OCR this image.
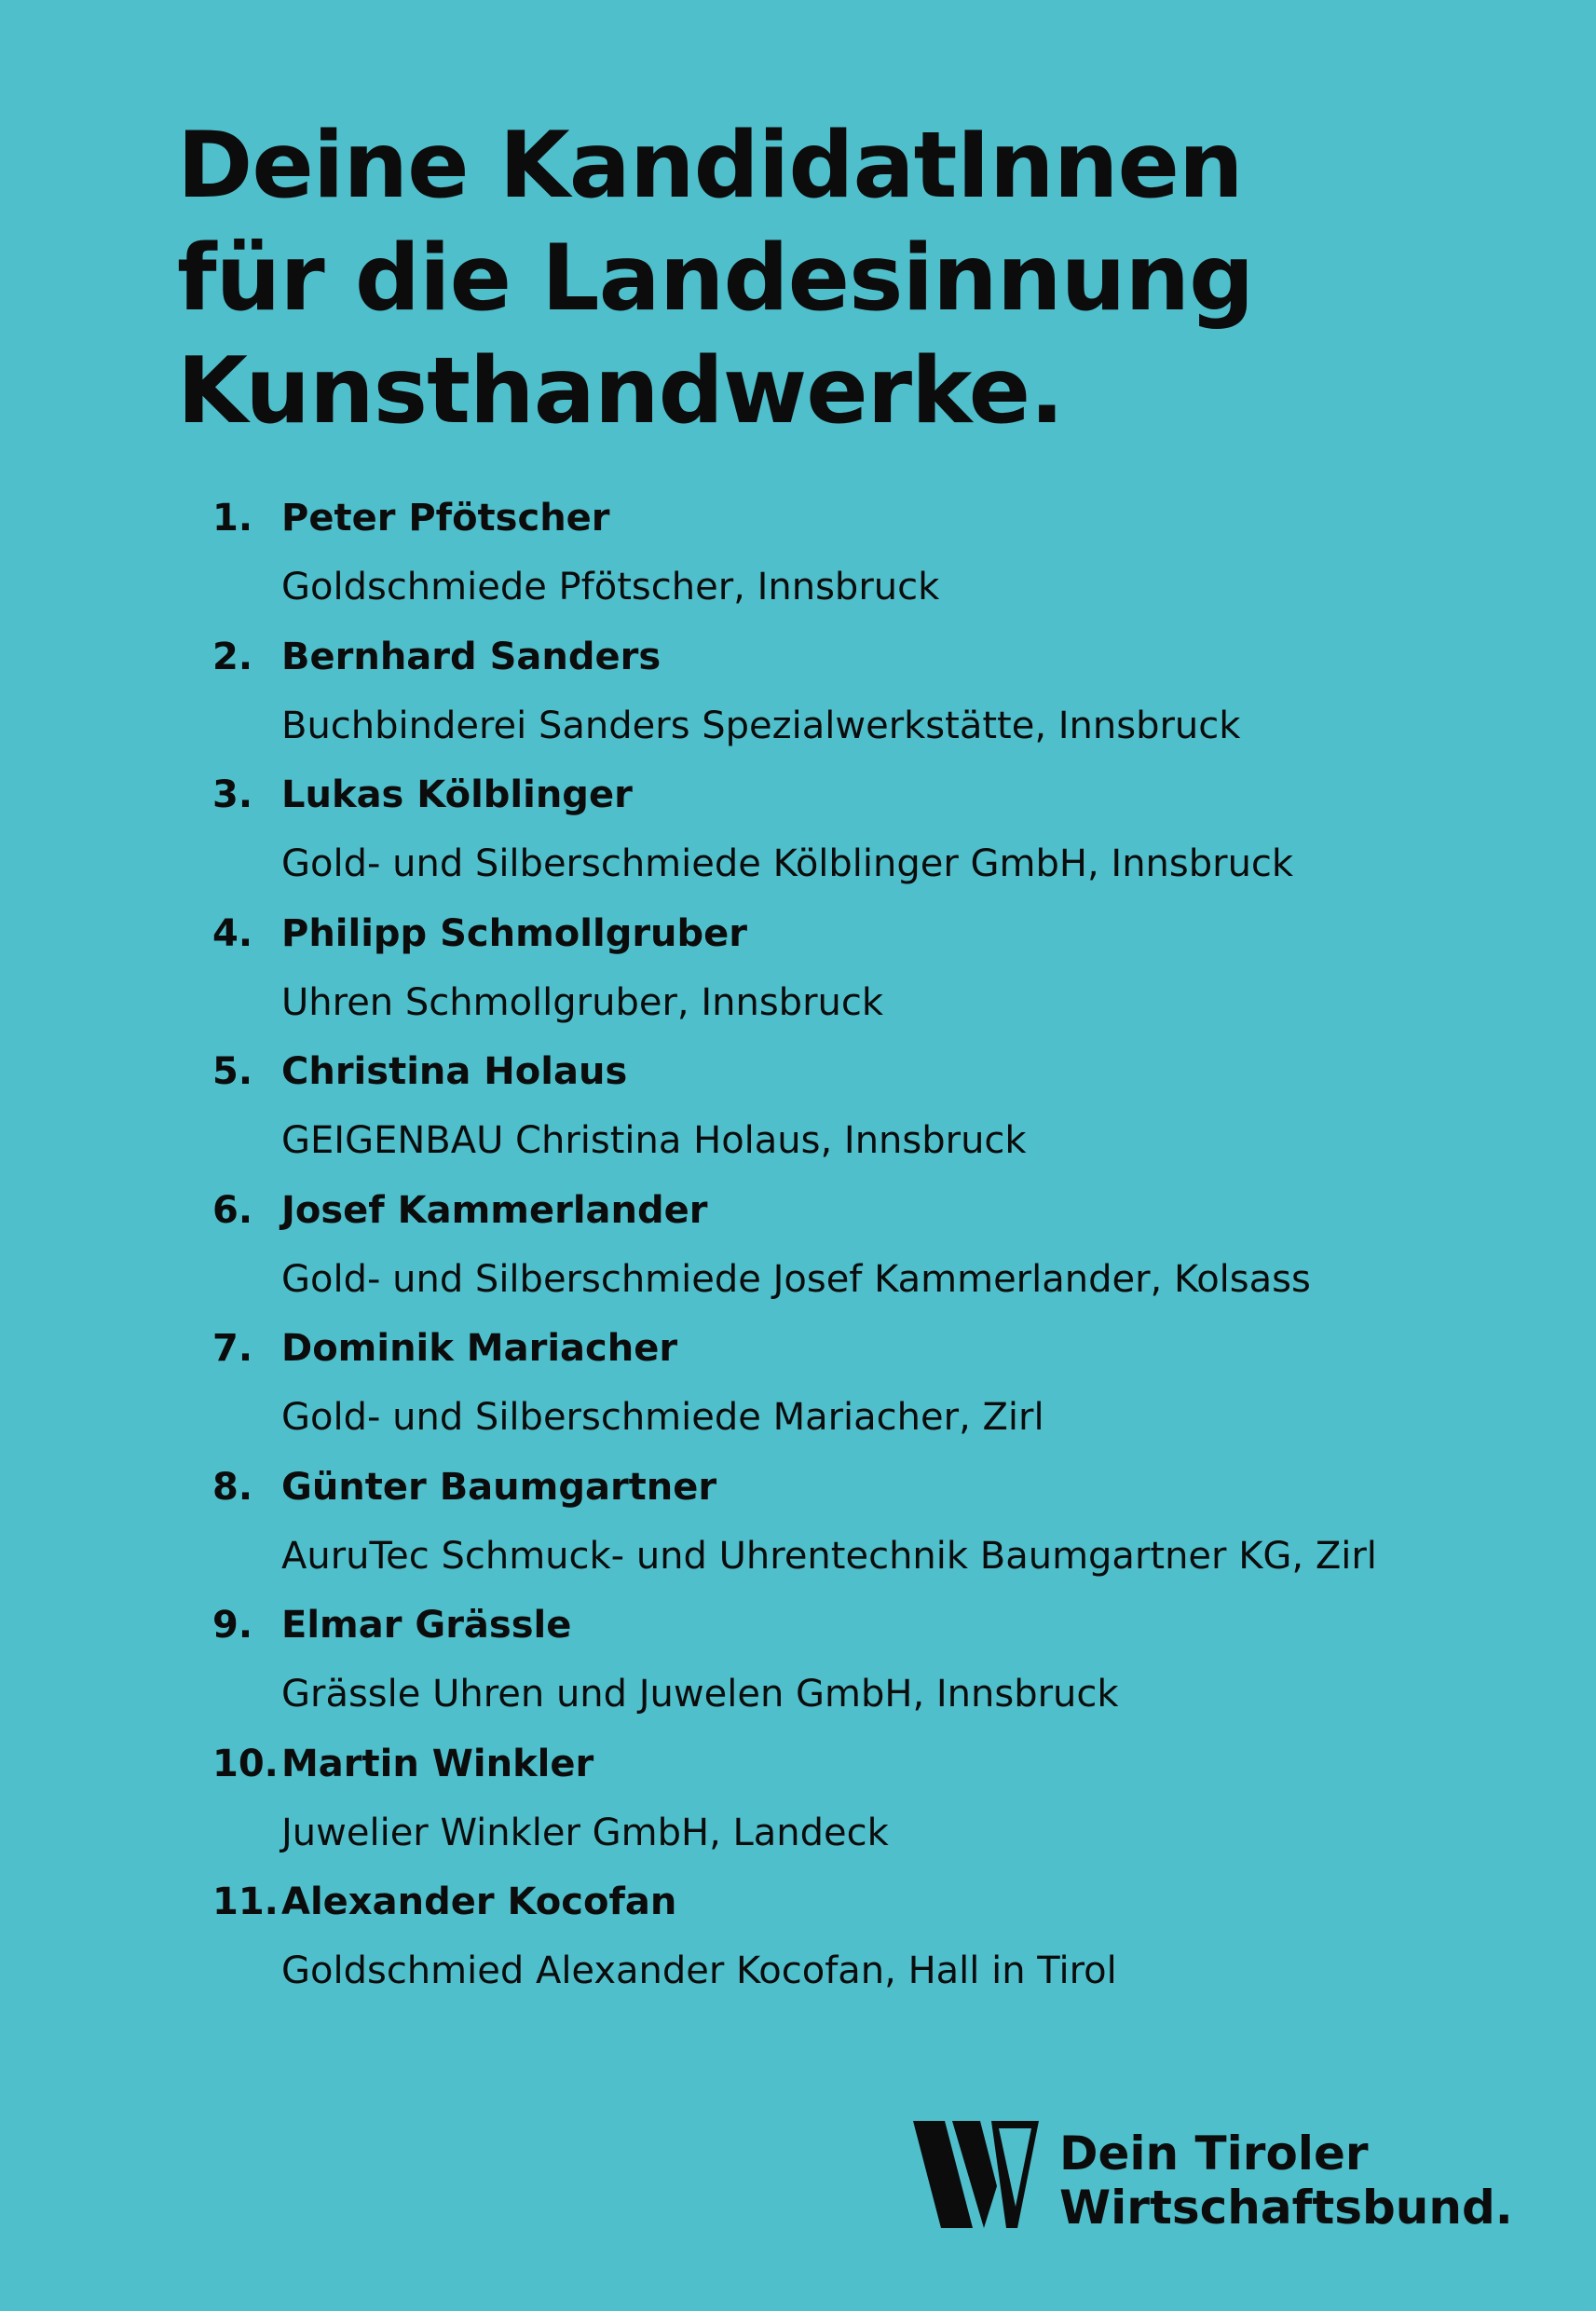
Deine KandidatInnen
für die Landesinnung
Kunsthandwerke.
1. Peter Pfötscher
Goldschmiede Pfötscher, Innsbruck
2. Bernhard Sanders
Buchbinderei Sanders Spezialwerkstätte, Innsbruck
3. Lukas Kölblinger
Gold- und Silberschmiede Kölblinger GmbH, Innsbruck
4. Philipp Schmollgruber
Uhren Schmollgruber, Innsbruck
5. Christina Holaus
GEIGENBAU Christina Holaus, Innsbruck
6. Josef Kammerlander
Gold- und Silberschmiede Josef Kammerlander, Kolsass
7. Dominik Mariacher
Gold- und Silberschmiede Mariacher, Zirl
8. Günter Baumgartner
AuruTec Schmuck- und Uhrentechnik Baumgartner KG, Zirl
9. Elmar Grässle
Grässle Uhren und Juwelen GmbH, Innsbruck
10. Martin Winkler
Juwelier Winkler GmbH, Landeck
11. Alexander Kocofan
Goldschmied Alexander Kocofan, Hall in Tirol
Dein Tiroler
Wirtschaftsbund.
